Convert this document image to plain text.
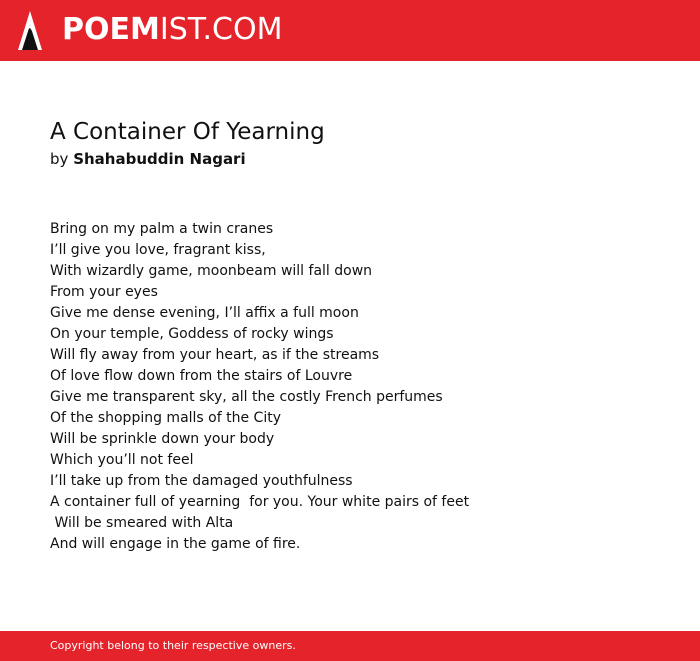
POEMIST.COM
A Container Of Yearning
by Shahabuddin Nagari
Bring on my palm a twin cranes
I’ll give you love, fragrant kiss,
With wizardly game, moonbeam will fall down
From your eyes
Give me dense evening, I’ll affix a full moon
On your temple, Goddess of rocky wings
Will fly away from your heart, as if the streams
Of love flow down from the stairs of Louvre
Give me transparent sky, all the costly French perfumes
Of the shopping malls of the City
Will be sprinkle down your body
Which you’ll not feel
I’ll take up from the damaged youthfulness
A container full of yearning  for you. Your white pairs of feet
Will be smeared with Alta
And will engage in the game of fire.
Copyright belong to their respective owners.
